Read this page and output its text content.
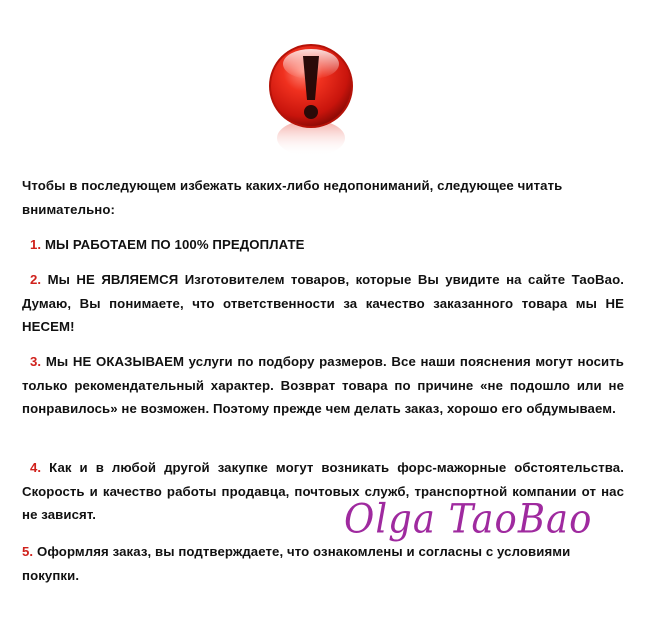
Чтобы в последующем избежать каких-либо недопониманий, следующее читать внимательно:

1. МЫ РАБОТАЕМ ПО 100% ПРЕДОПЛАТЕ

2. Мы НЕ ЯВЛЯЕМСЯ Изготовителем товаров, которые Вы увидите на сайте ТаоВао. Думаю, Вы понимаете, что ответственности за качество заказанного товара мы НЕ НЕСЕМ!

3. Мы НЕ ОКАЗЫВАЕМ услуги по подбору размеров. Все наши пояснения могут носить только рекомендательный характер. Возврат товара по причине «не подошло или не понравилось» не возможен. Поэтому прежде чем делать заказ, хорошо его обдумываем.

4. Как и в любой другой закупке могут возникать форс-мажорные обстоятельства. Скорость и качество работы продавца, почтовых служб, транспортной компании от нас не зависят.

5. Оформляя заказ, вы подтверждаете, что ознакомлены и согласны с условиями покупки.

Olga TaoBao
